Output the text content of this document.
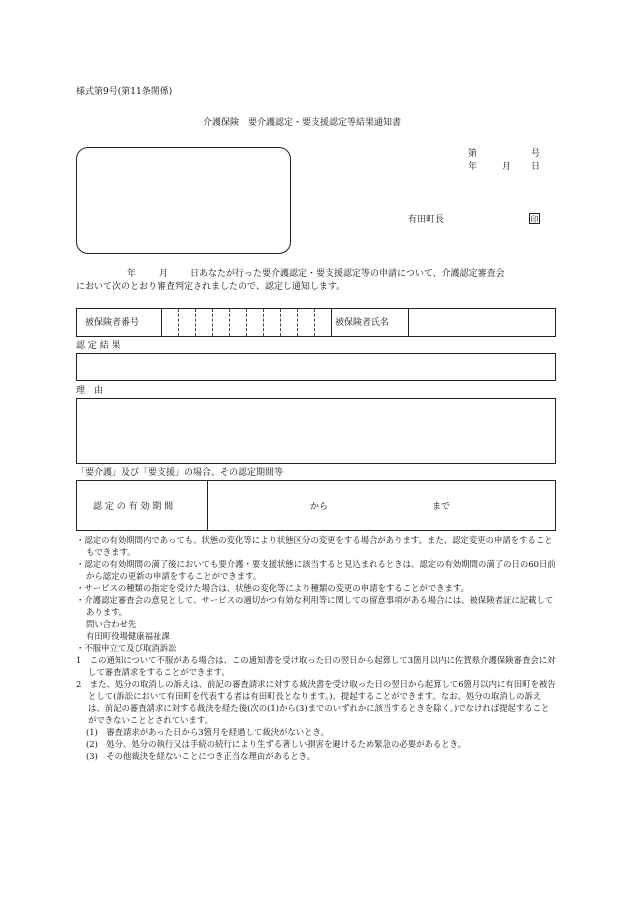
様式第9号(第11条関係)
介護保険　要介護認定・要支援認定等結果通知書
第	号
年	月 日
有田町長	印
年	月 日あなたが行った要介護認定・要支援認定等の申請について、介護認定審査会
において次のとおり審査判定されましたので、認定し通知します。
被保険者番号	被保険者氏名
認 定 結 果
理　由
「要介護」及び「要支援」の場合、その認定期間等
認 定 の 有 効 期 間	から	まで
・認定の有効期間内であっても、状態の変化等により状態区分の変更をする場合があります。また、認定変更の申請をすることもできます。
・認定の有効期間の満了後においても要介護・要支援状態に該当すると見込まれるときは、認定の有効期間の満了の日の60日前から認定の更新の申請をすることができます。
・サービスの種類の指定を受けた場合は、状態の変化等により種類の変更の申請をすることができます。
・介護認定審査会の意見として、サービスの適切かつ有効な利用等に関しての留意事項がある場合には、被保険者証に記載してあります。
問い合わせ先
有田町役場健康福祉課
・不服申立て及び取消訴訟
1　この通知について不服がある場合は、この通知書を受け取った日の翌日から起算して3箇月以内に佐賀県介護保険審査会に対して審査請求をすることができます。
2　また、処分の取消しの訴えは、前記の審査請求に対する裁決書を受け取った日の翌日から起算して6箇月以内に有田町を被告として(訴訟において有田町を代表する者は有田町長となります。)、提起することができます。なお、処分の取消しの訴えは、前記の審査請求に対する裁決を経た後(次の(1)から(3)までのいずれかに該当するときを除く。)でなければ提起することができないこととされています。
(1)　審査請求があった日から3箇月を経過して裁決がないとき。
(2)　処分、処分の執行又は手続の続行により生ずる著しい損害を避けるため緊急の必要があるとき。
(3)　その他裁決を経ないことにつき正当な理由があるとき。
